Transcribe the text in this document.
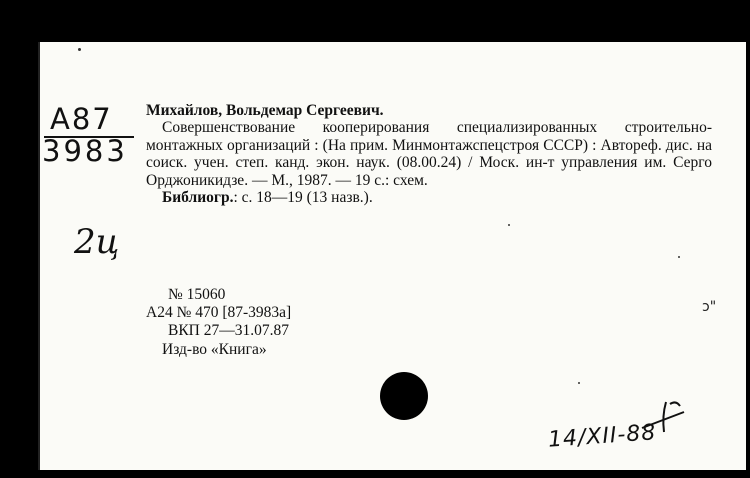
А87
3983
2ц

Михайлов, Вольдемар Сергеевич.

Совершенствование кооперирования специализированных строительно-монтажных организаций : (На прим. Минмонтажспецстроя СССР) : Автореф. дис. на соиск. учен. степ. канд. экон. наук. (08.00.24) / Моск. ин-т управления им. Серго Орджоникидзе. — М., 1987. — 19 с.: схем.

Библиогр.: с. 18—19 (13 назв.).

№ 15060
А24 № 470 [87-3983а]
ВКП 27—31.07.87
Изд-во «Книга»
14/XII-88
ɔ"
